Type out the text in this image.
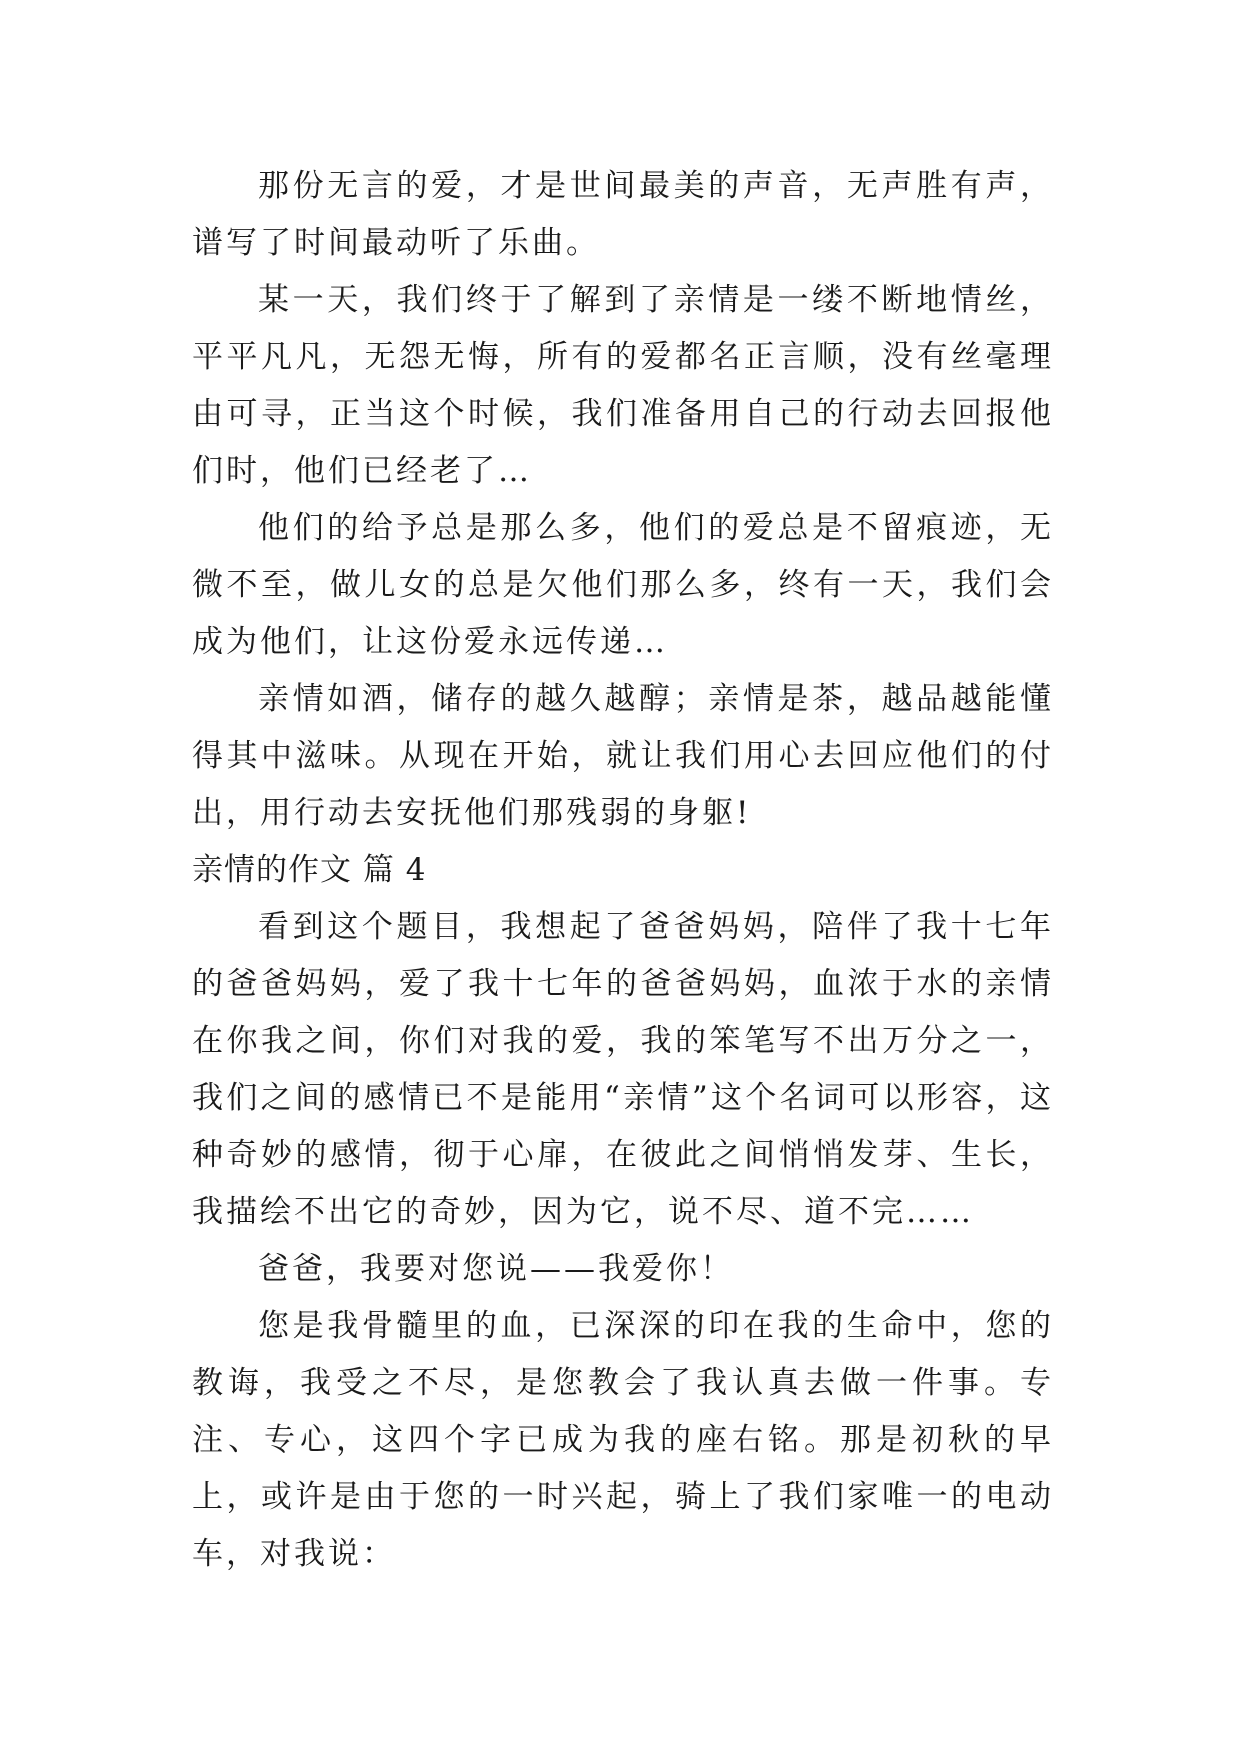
那份无言的爱，才是世间最美的声音，无声胜有声，谱写了时间最动听了乐曲。

某一天，我们终于了解到了亲情是一缕不断地情丝，平平凡凡，无怨无悔，所有的爱都名正言顺，没有丝毫理由可寻，正当这个时候，我们准备用自己的行动去回报他们时，他们已经老了…

他们的给予总是那么多，他们的爱总是不留痕迹，无微不至，做儿女的总是欠他们那么多，终有一天，我们会成为他们，让这份爱永远传递…

亲情如酒，储存的越久越醇；亲情是茶，越品越能懂得其中滋味。从现在开始，就让我们用心去回应他们的付出，用行动去安抚他们那残弱的身躯!

亲情的作文 篇 4

看到这个题目，我想起了爸爸妈妈，陪伴了我十七年的爸爸妈妈，爱了我十七年的爸爸妈妈，血浓于水的亲情在你我之间，你们对我的爱，我的笨笔写不出万分之一，我们之间的感情已不是能用“亲情”这个名词可以形容，这种奇妙的感情，彻于心扉，在彼此之间悄悄发芽、生长，我描绘不出它的奇妙，因为它，说不尽、道不完……

爸爸，我要对您说——我爱你！

您是我骨髓里的血，已深深的印在我的生命中，您的教诲，我受之不尽，是您教会了我认真去做一件事。专注、专心，这四个字已成为我的座右铭。那是初秋的早上，或许是由于您的一时兴起，骑上了我们家唯一的电动车，对我说：
